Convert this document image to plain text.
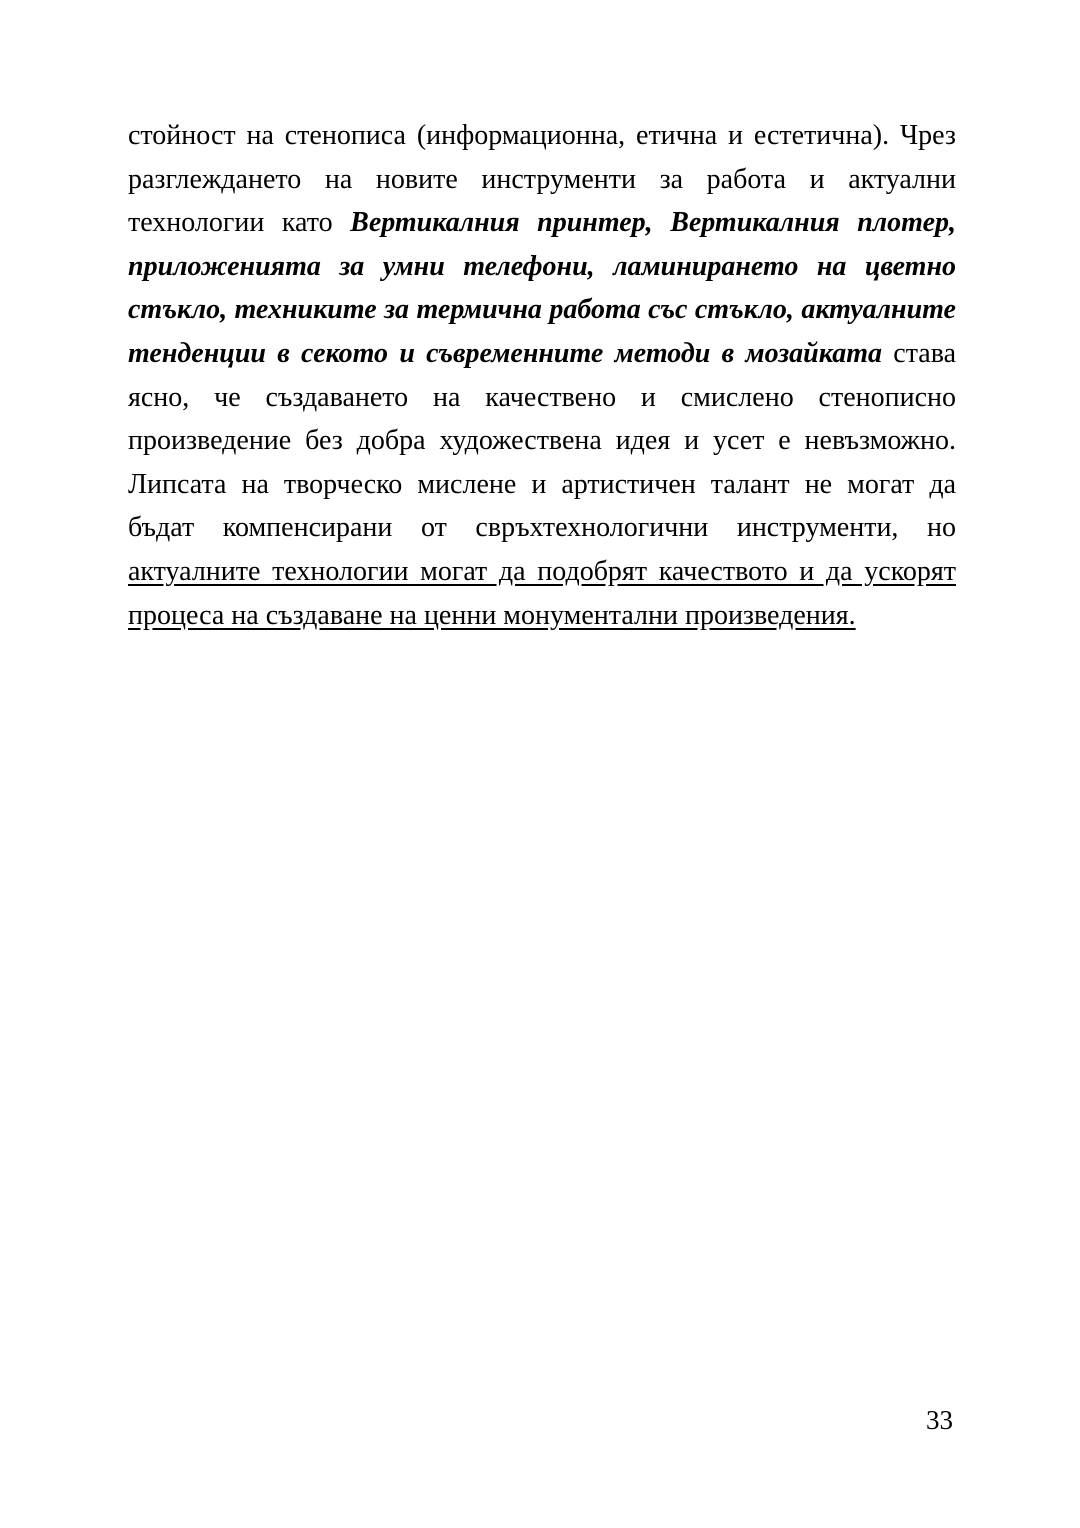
стойност на стенописа (информационна, етична и естетична). Чрез разглеждането на новите инструменти за работа и актуални технологии като Вертикалния принтер, Вертикалния плотер, приложенията за умни телефони, ламинирането на цветно стъкло, техниките за термична работа със стъкло, актуалните тенденции в секото и съвременните методи в мозайката става ясно, че създаването на качествено и смислено стенописно произведение без добра художествена идея и усет е невъзможно. Липсата на творческо мислене и артистичен талант не могат да бъдат компенсирани от свръхтехнологични инструменти, но актуалните технологии могат да подобрят качеството и да ускорят процеса на създаване на ценни монументални произведения.

33
